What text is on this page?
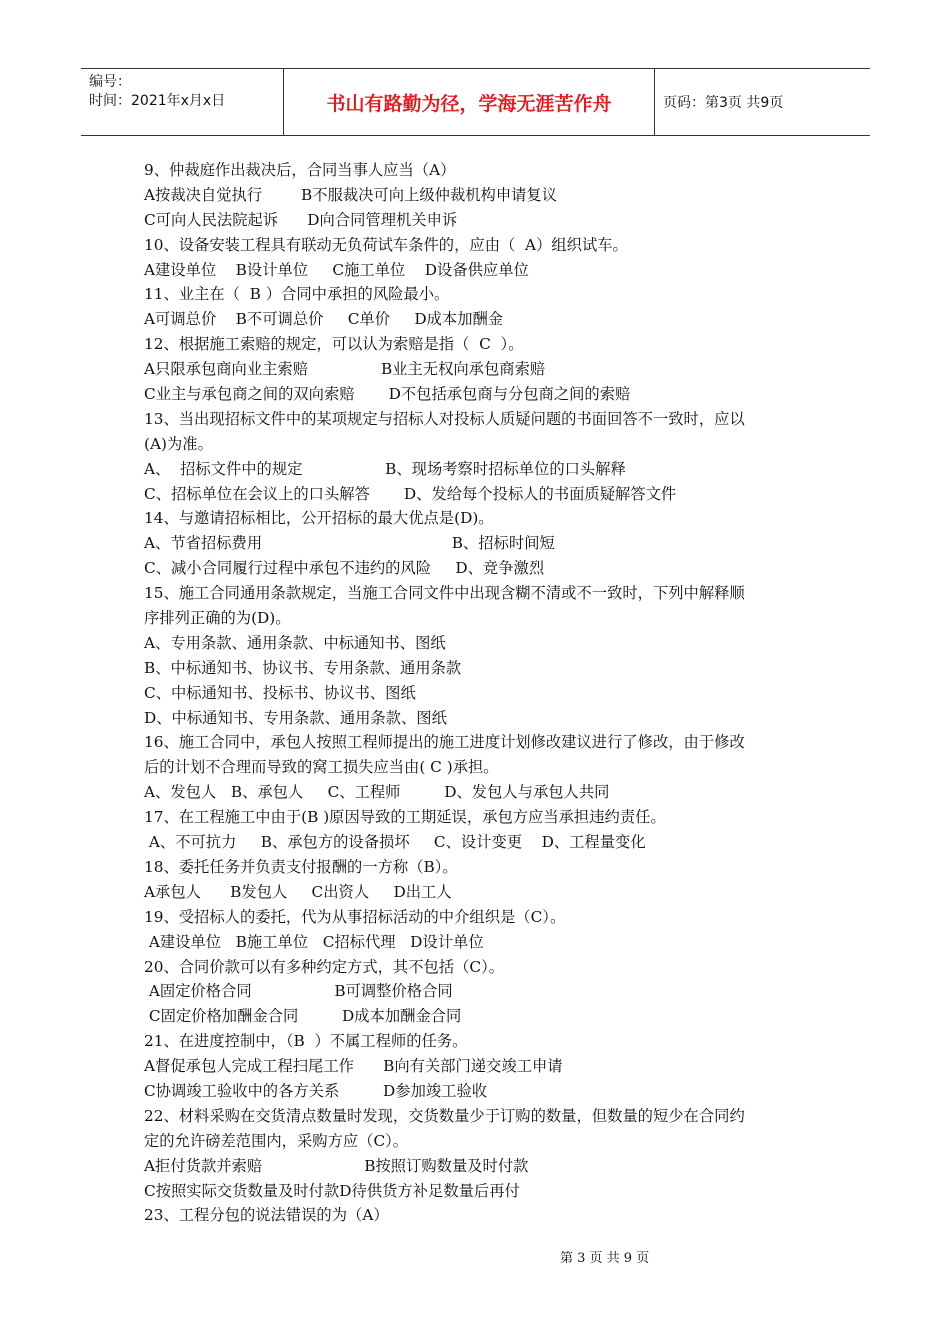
编号：
时间：2021年x月x日	书山有路勤为径，学海无涯苦作舟	页码：第3页 共9页
9、仲裁庭作出裁决后，合同当事人应当（A）
A按裁决自觉执行        B不服裁决可向上级仲裁机构申请复议
C可向人民法院起诉      D向合同管理机关申诉
10、设备安装工程具有联动无负荷试车条件的，应由（  A）组织试车。
A建设单位    B设计单位     C施工单位    D设备供应单位
11、业主在（  B ）合同中承担的风险最小。
A可调总价    B不可调总价     C单价     D成本加酬金
12、根据施工索赔的规定，可以认为索赔是指（  C  ）。
A只限承包商向业主索赔               B业主无权向承包商索赔
C业主与承包商之间的双向索赔       D不包括承包商与分包商之间的索赔
13、当出现招标文件中的某项规定与招标人对投标人质疑问题的书面回答不一致时，应以
(A)为准。
A、  招标文件中的规定                 B、现场考察时招标单位的口头解释
C、招标单位在会议上的口头解答       D、发给每个投标人的书面质疑解答文件
14、与邀请招标相比，公开招标的最大优点是(D)。
A、节省招标费用                                       B、招标时间短
C、减小合同履行过程中承包不违约的风险     D、竞争激烈
15、施工合同通用条款规定，当施工合同文件中出现含糊不清或不一致时，下列中解释顺
序排列正确的为(D)。
A、专用条款、通用条款、中标通知书、图纸
B、中标通知书、协议书、专用条款、通用条款
C、中标通知书、投标书、协议书、图纸
D、中标通知书、专用条款、通用条款、图纸
16、施工合同中，承包人按照工程师提出的施工进度计划修改建议进行了修改，由于修改
后的计划不合理而导致的窝工损失应当由( C )承担。
A、发包人   B、承包人     C、工程师         D、发包人与承包人共同
17、在工程施工中由于(B )原因导致的工期延误，承包方应当承担违约责任。
A、不可抗力     B、承包方的设备损坏     C、设计变更    D、工程量变化
18、委托任务并负责支付报酬的一方称（B）。
A承包人      B发包人     C出资人     D出工人
19、受招标人的委托，代为从事招标活动的中介组织是（C）。
A建设单位   B施工单位   C招标代理   D设计单位
20、合同价款可以有多种约定方式，其不包括（C）。
A固定价格合同                 B可调整价格合同
C固定价格加酬金合同         D成本加酬金合同
21、在进度控制中，（B  ）不属工程师的任务。
A督促承包人完成工程扫尾工作      B向有关部门递交竣工申请
C协调竣工验收中的各方关系         D参加竣工验收
22、材料采购在交货清点数量时发现，交货数量少于订购的数量，但数量的短少在合同约
定的允许磅差范围内，采购方应（C）。
A拒付货款并索赔                     B按照订购数量及时付款
C按照实际交货数量及时付款D待供货方补足数量后再付
23、工程分包的说法错误的为（A）
第 3 页 共 9 页
